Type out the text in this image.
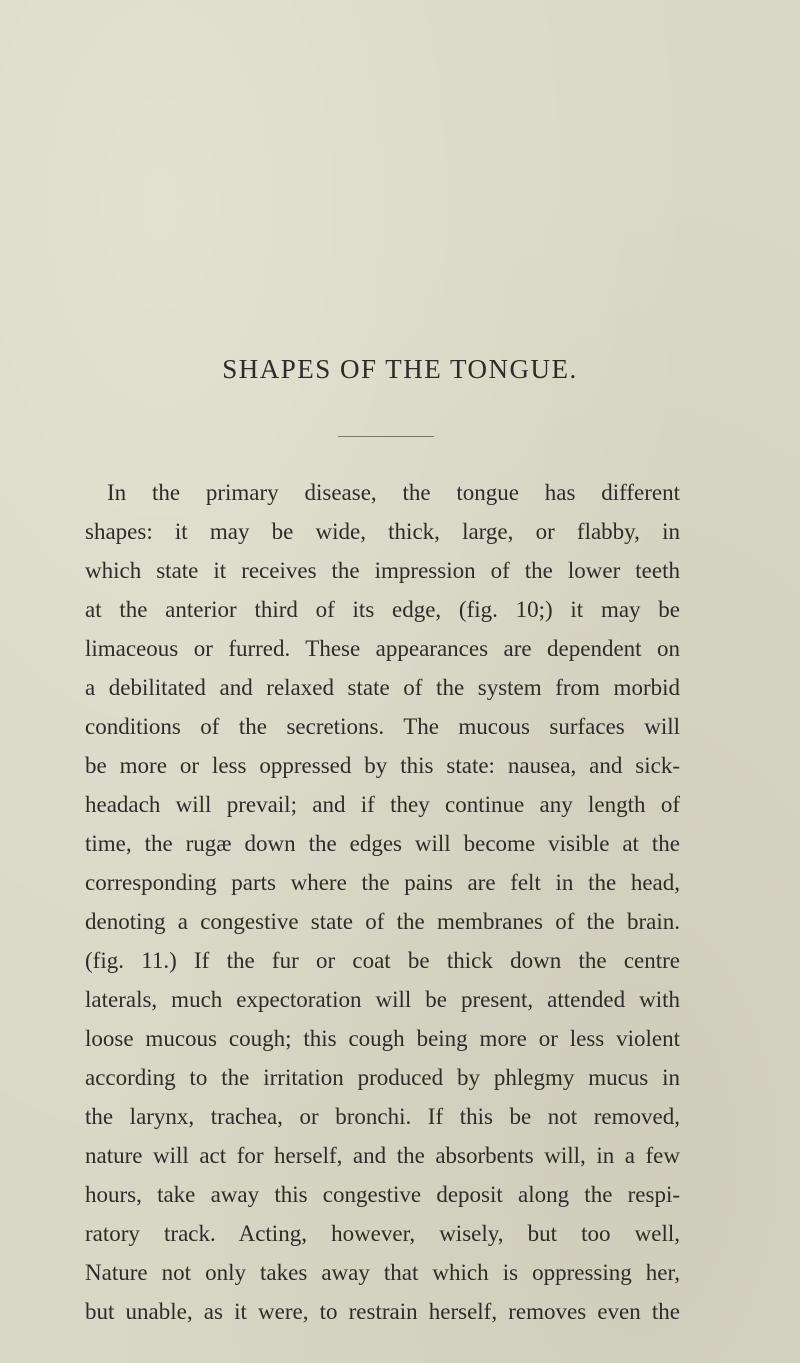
SHAPES OF THE TONGUE.
In the primary disease, the tongue has different
shapes: it may be wide, thick, large, or flabby, in
which state it receives the impression of the lower teeth
at the anterior third of its edge, (fig. 10;) it may be
limaceous or furred. These appearances are dependent on
a debilitated and relaxed state of the system from morbid
conditions of the secretions. The mucous surfaces will
be more or less oppressed by this state: nausea, and sick-
headach will prevail; and if they continue any length of
time, the rugæ down the edges will become visible at the
corresponding parts where the pains are felt in the head,
denoting a congestive state of the membranes of the brain.
(fig. 11.) If the fur or coat be thick down the centre
laterals, much expectoration will be present, attended with
loose mucous cough; this cough being more or less violent
according to the irritation produced by phlegmy mucus in
the larynx, trachea, or bronchi. If this be not removed,
nature will act for herself, and the absorbents will, in a few
hours, take away this congestive deposit along the respi-
ratory track. Acting, however, wisely, but too well,
Nature not only takes away that which is oppressing her,
but unable, as it were, to restrain herself, removes even the
